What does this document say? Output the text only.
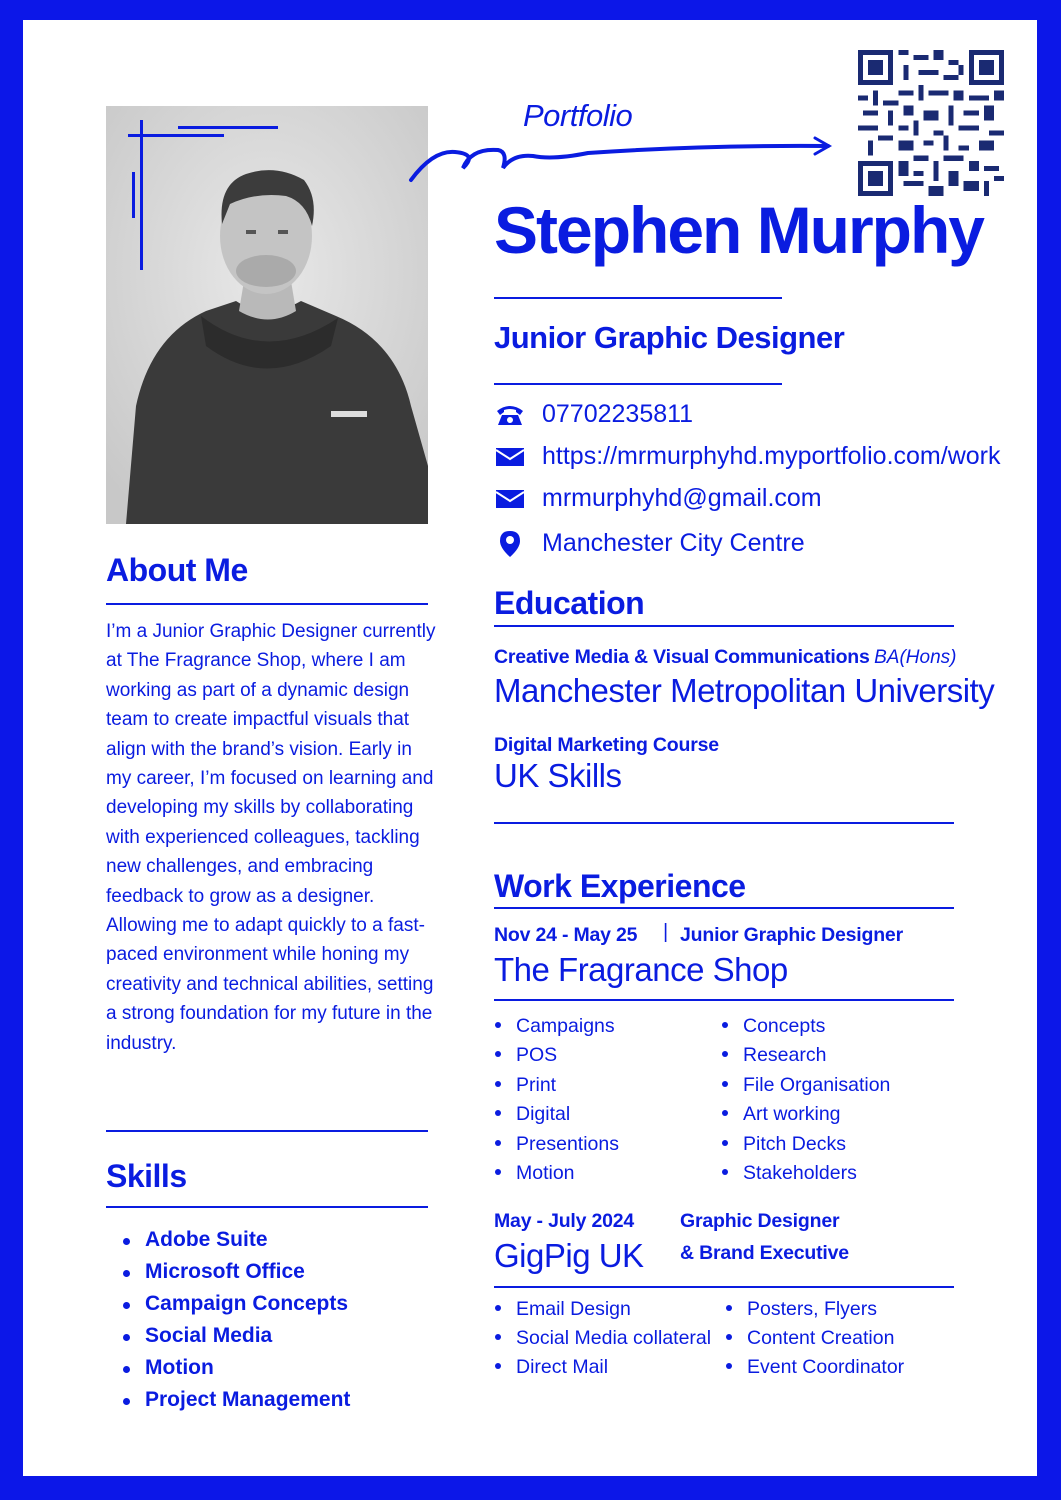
Portfolio
Stephen Murphy
Junior Graphic Designer
07702235811
https://mrmurphyhd.myportfolio.com/work
mrmurphyhd@gmail.com
Manchester City Centre
About Me
I’m a Junior Graphic Designer currently at The Fragrance Shop, where I am working as part of a dynamic design team to create impactful visuals that align with the brand’s vision. Early in my career, I’m focused on learning and developing my skills by collaborating with experienced colleagues, tackling new challenges, and embracing feedback to grow as a designer. Allowing me to adapt quickly to a fast-paced environment while honing my creativity and technical abilities, setting a strong foundation for my future in the industry.
Skills
Adobe Suite
Microsoft Office
Campaign Concepts
Social Media
Motion
Project Management
Education
Creative Media & Visual Communications BA(Hons)
Manchester Metropolitan University
Digital Marketing Course
UK Skills
Work Experience
Nov 24 - May 25 | Junior Graphic Designer
The Fragrance Shop
Campaigns
POS
Print
Digital
Presentions
Motion
Concepts
Research
File Organisation
Art working
Pitch Decks
Stakeholders
May - July 2024 Graphic Designer
& Brand Executive
GigPig UK
Email Design
Social Media collateral
Direct Mail
Posters, Flyers
Content Creation
Event Coordinator
